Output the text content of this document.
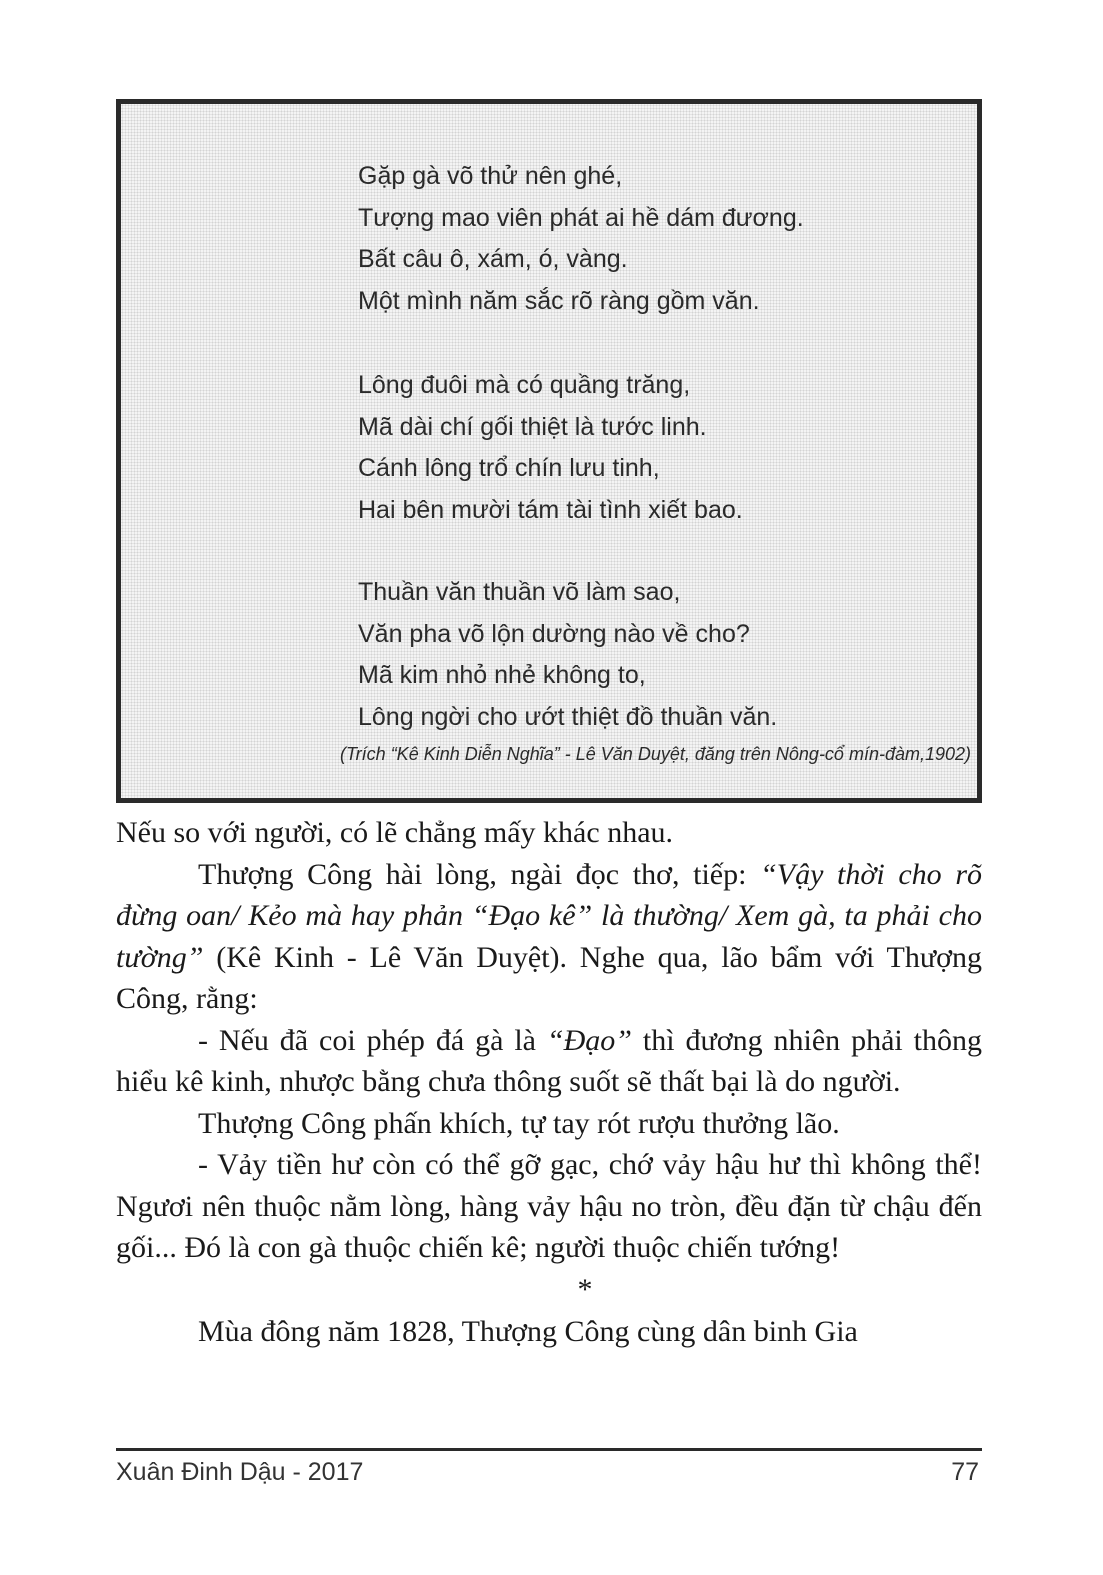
Gặp gà võ thử nên ghé,
Tượng mao viên phát ai hề dám đương.
Bất câu ô, xám, ó, vàng.
Một mình năm sắc rõ ràng gồm văn.
Lông đuôi mà có quầng trăng,
Mã dài chí gối thiệt là tước linh.
Cánh lông trổ chín lưu tinh,
Hai bên mười tám tài tình xiết bao.
Thuần văn thuần võ làm sao,
Văn pha võ lộn dường nào về cho?
Mã kim nhỏ nhẻ không to,
Lông ngời cho ướt thiệt đồ thuần văn.
(Trích “Kê Kinh Diễn Nghĩa” - Lê Văn Duyệt, đăng trên Nông-cổ mín-đàm,1902)

Nếu so với người, có lẽ chẳng mấy khác nhau.

Thượng Công hài lòng, ngài đọc thơ, tiếp: “Vậy thời cho rõ đừng oan/ Kẻo mà hay phản “Đạo kê” là thường/ Xem gà, ta phải cho tường” (Kê Kinh - Lê Văn Duyệt). Nghe qua, lão bẩm với Thượng Công, rằng:

- Nếu đã coi phép đá gà là “Đạo” thì đương nhiên phải thông hiểu kê kinh, nhược bằng chưa thông suốt sẽ thất bại là do người.

Thượng Công phấn khích, tự tay rót rượu thưởng lão.

- Vảy tiền hư còn có thể gỡ gạc, chớ vảy hậu hư thì không thể! Ngươi nên thuộc nằm lòng, hàng vảy hậu no tròn, đều đặn từ chậu đến gối... Đó là con gà thuộc chiến kê; người thuộc chiến tướng!

*

Mùa đông năm 1828, Thượng Công cùng dân binh Gia

Xuân Đinh Dậu - 2017	77
